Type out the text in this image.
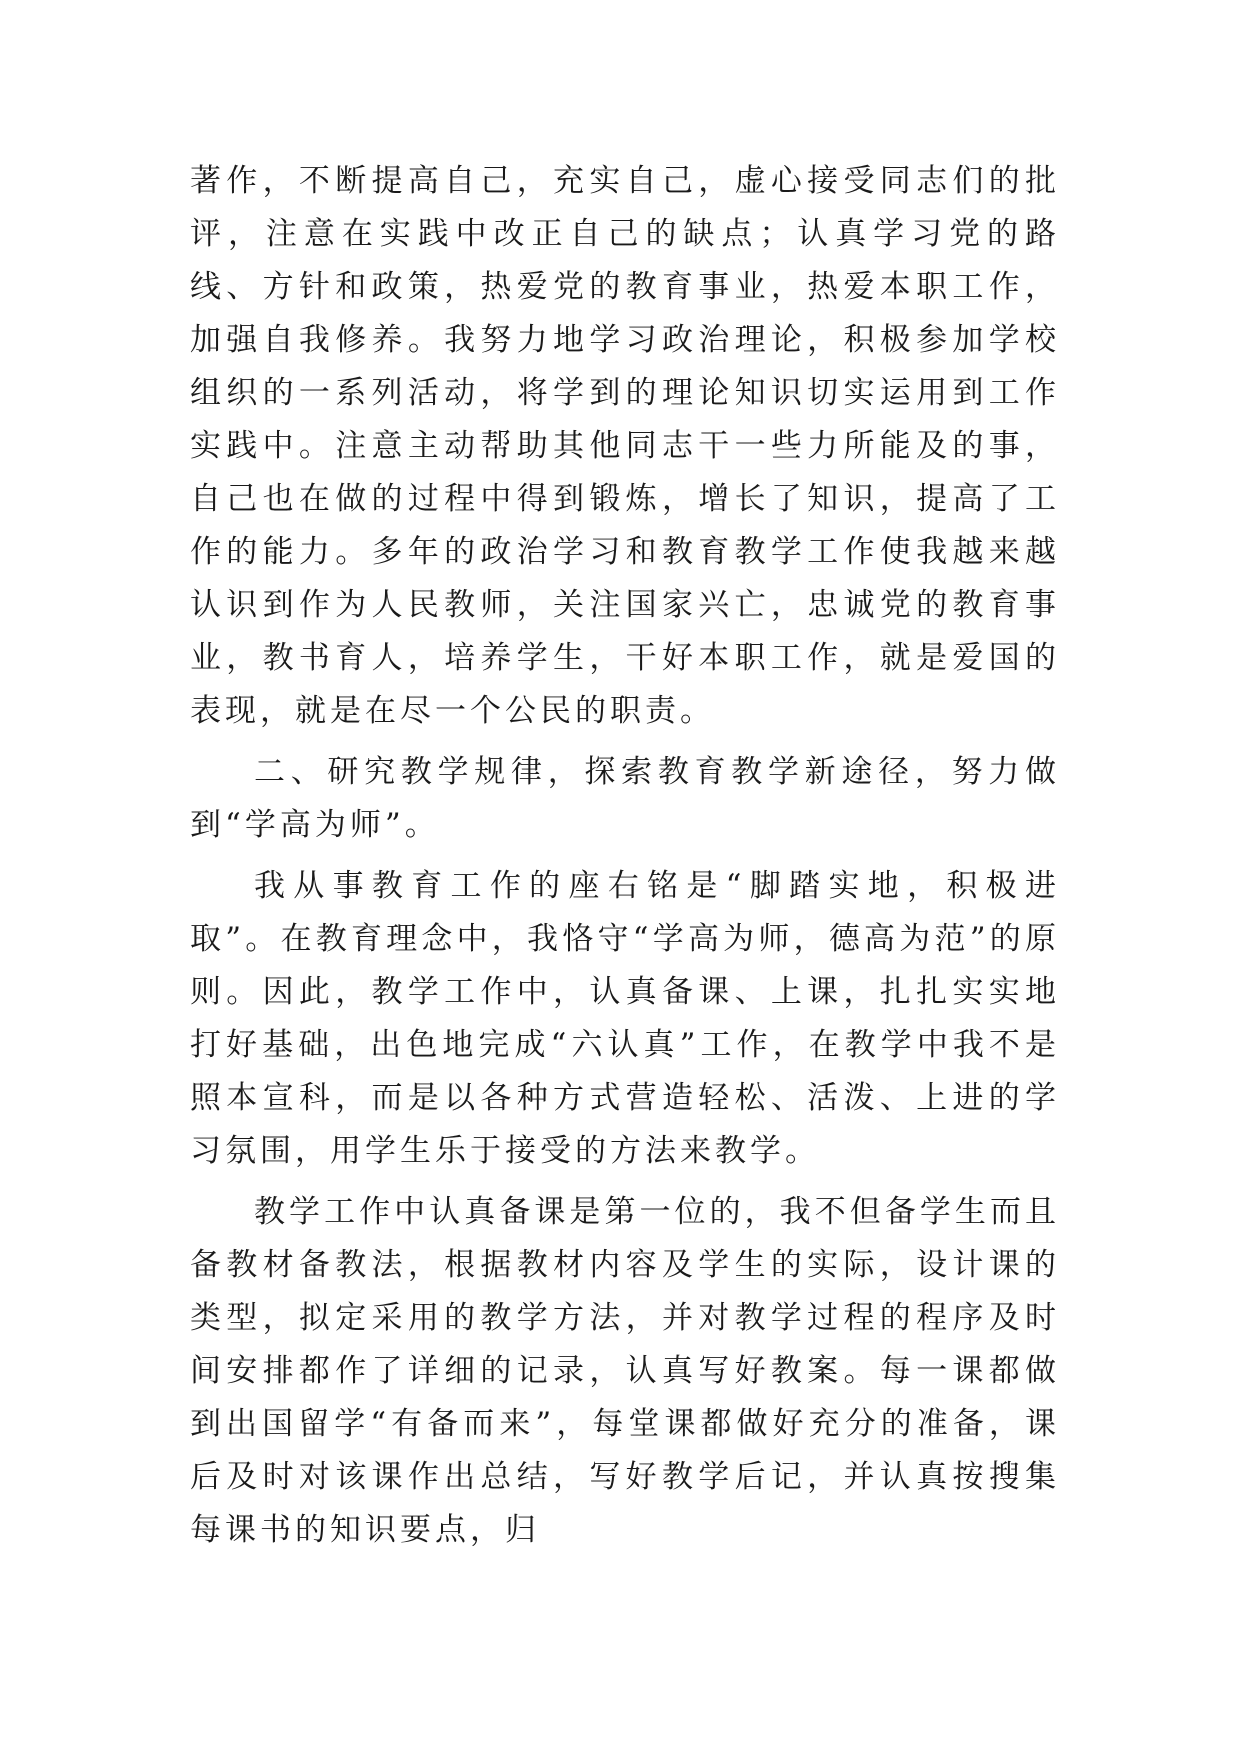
著作，不断提高自己，充实自己，虚心接受同志们的批评，注意在实践中改正自己的缺点；认真学习党的路线、方针和政策，热爱党的教育事业，热爱本职工作，加强自我修养。我努力地学习政治理论，积极参加学校组织的一系列活动，将学到的理论知识切实运用到工作实践中。注意主动帮助其他同志干一些力所能及的事，自己也在做的过程中得到锻炼，增长了知识，提高了工作的能力。多年的政治学习和教育教学工作使我越来越认识到作为人民教师，关注国家兴亡，忠诚党的教育事业，教书育人，培养学生，干好本职工作，就是爱国的表现，就是在尽一个公民的职责。

二、研究教学规律，探索教育教学新途径，努力做到“学高为师”。

我从事教育工作的座右铭是“脚踏实地，积极进取”。在教育理念中，我恪守“学高为师，德高为范”的原则。因此，教学工作中，认真备课、上课，扎扎实实地打好基础，出色地完成“六认真”工作，在教学中我不是照本宣科，而是以各种方式营造轻松、活泼、上进的学习氛围，用学生乐于接受的方法来教学。

教学工作中认真备课是第一位的，我不但备学生而且备教材备教法，根据教材内容及学生的实际，设计课的类型，拟定采用的教学方法，并对教学过程的程序及时间安排都作了详细的记录，认真写好教案。每一课都做到出国留学“有备而来”，每堂课都做好充分的准备，课后及时对该课作出总结，写好教学后记，并认真按搜集每课书的知识要点，归
